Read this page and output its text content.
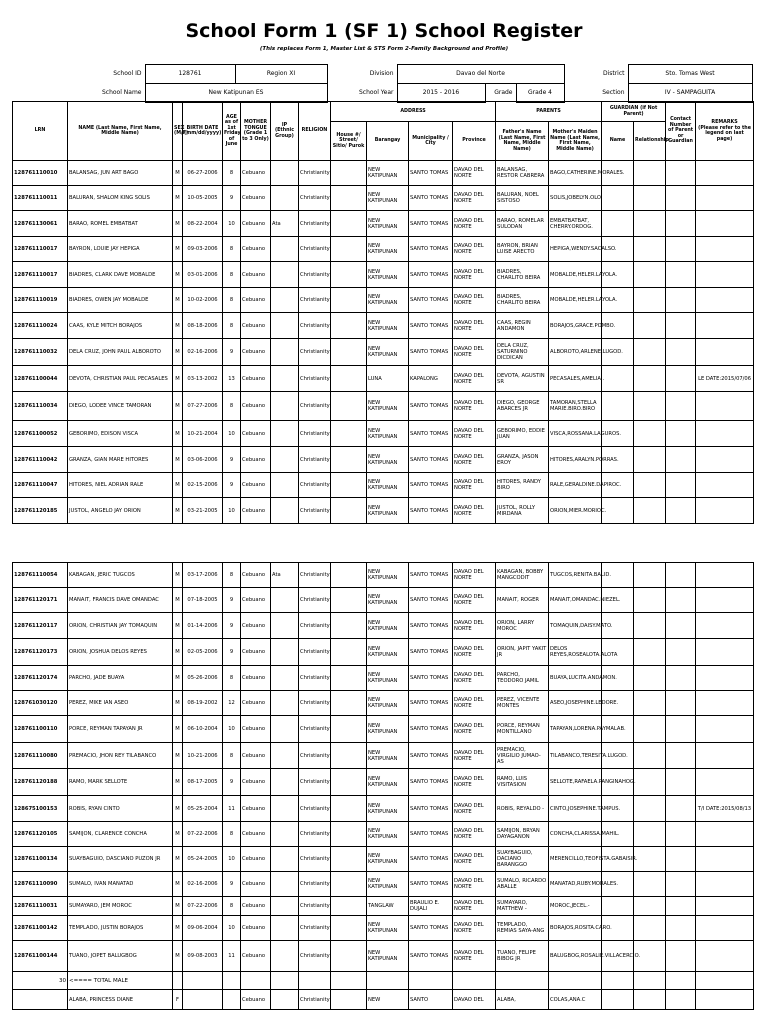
School Form 1 (SF 1) School Register
(This replaces Form 1, Master List & STS Form 2-Family Background and Profile)
School ID	128761	Region XI	Division	Davao del Norte				District	Sto. Tomas West
School Name	New Katipunan ES		School Year	2015 - 2016	Grade	Grade 4		Section	IV - SAMPAGUITA
LRN	NAME (Last Name, First Name, Middle Name)	SEX (M/F)	BIRTH DATE (mm/dd/yyyy)	AGE as of 1st Friday of June	MOTHER TONGUE (Grade 1 to 3 Only)	IP (Ethnic Group)	RELIGION	ADDRESS				PARENTS		GUARDIAN (if Not Parent)		Contact Number of Parent or Guardian	REMARKS
(Please refer to the legend on last page)

								House #/ Street/ Sitio/ Purok	Barangay	Municipality / City	Province	Father's Name (Last Name, First Name, Middle Name)	Mother's Maiden Name (Last Name, First Name, Middle Name)	Name	Relationship		
128761110010	BALANSAG, JUN ART BAGO	M	06-27-2006	8	Cebuano		Christianity		NEW KATIPUNAN	SANTO TOMAS	DAVAO DEL NORTE	BALANSAG, RESTOR CABRERA	BAGO,CATHERINE.MORALES.				
128761110011	BALURAN, SHALOM KING SOLIS	M	10-05-2005	9	Cebuano		Christianity		NEW KATIPUNAN	SANTO TOMAS	DAVAO DEL NORTE	BALURAN, NOEL SISTOSO	SOLIS,JOBELYN.OLO.				
128761130061	BARAO, ROMEL EMBATBAT	M	08-22-2004	10	Cebuano	Ata	Christianity		NEW KATIPUNAN	SANTO TOMAS	DAVAO DEL NORTE	BARAO, ROMELAR SULODAN	EMBATBATBAT, CHERRY.ORDOG.				
128761110017	BAYRON, LOUIE JAY HEPIGA	M	09-03-2006	8	Cebuano		Christianity		NEW KATIPUNAN	SANTO TOMAS	DAVAO DEL NORTE	BAYRON, BRIAN LUISE ARECTO	HEPIGA,WENDY.SACALSO.				
128761110017	BIADRES, CLARK DAVE MOBALDE	M	03-01-2006	8	Cebuano		Christianity		NEW KATIPUNAN	SANTO TOMAS	DAVAO DEL NORTE	BIADRES, CHARLITO BEIRA	MOBALDE,HELER.LAYOLA.				
128761110019	BIADRES, OWEN JAY MOBALDE	M	10-02-2006	8	Cebuano		Christianity		NEW KATIPUNAN	SANTO TOMAS	DAVAO DEL NORTE	BIADRES, CHARLITO BEIRA	MOBALDE,HELER.LAYOLA.				
128761110024	CAAS, KYLE MITCH BORAJOS	M	08-18-2006	8	Cebuano		Christianity		NEW KATIPUNAN	SANTO TOMAS	DAVAO DEL NORTE	CAAS, REGIN ANDAMON	BORAJOS,GRACE.POMBO.				
128761110032	DELA CRUZ, JOHN PAUL ALBOROTO	M	02-16-2006	9	Cebuano		Christianity		NEW KATIPUNAN	SANTO TOMAS	DAVAO DEL NORTE	DELA CRUZ, SATURNINO DICDICAN	ALBOROTO,ARLENE.LUGOD.				
128761100044	DEVOTA, CHRISTIAN PAUL PECASALES	M	03-13-2002	13	Cebuano		Christianity		LUNA	KAPALONG	DAVAO DEL NORTE	DEVOTA, AGUSTIN SR	PECASALES,AMELIA..				LE DATE:2015/07/06
128761110034	DIEGO, LODEE VINCE TAMORAN	M	07-27-2006	8	Cebuano		Christianity		NEW KATIPUNAN	SANTO TOMAS	DAVAO DEL NORTE	DIEGO, GEORGE ABARCES JR	TAMORAN,STELLA MARIE.BIRO.BIRO				
128761100052	GEBORIMO, EDISON VISCA	M	10-21-2004	10	Cebuano		Christianity		NEW KATIPUNAN	SANTO TOMAS	DAVAO DEL NORTE	GEBORIMO, EDDIE JUAN	VISCA,ROSSANA.LAGUROS.				
128761110042	GRANZA, GIAN MARE HITORES	M	03-06-2006	9	Cebuano		Christianity		NEW KATIPUNAN	SANTO TOMAS	DAVAO DEL NORTE	GRANZA, JASON EROY	HITORES,ARALYN.PORRAS.				
128761110047	HITORES, NIEL ADRIAN RALE	M	02-15-2006	9	Cebuano		Christianity		NEW KATIPUNAN	SANTO TOMAS	DAVAO DEL NORTE	HITORES, RANDY BIRO	RALE,GERALDINE.DAPIROC.				
128761120185	JUSTOL, ANGELO JAY ORION	M	03-21-2005	10	Cebuano		Christianity		NEW KATIPUNAN	SANTO TOMAS	DAVAO DEL NORTE	JUSTOL, ROLLY MIRDANA	ORION,MIER.MORIOC.				
128761110054	KABAGAN, JERIC TUGCOS	M	03-17-2006	8	Cebuano	Ata	Christianity		NEW KATIPUNAN	SANTO TOMAS	DAVAO DEL NORTE	KABAGAN, BOBBY MANGCODIT	TUGCOS,RENITA.BALID.				
128761120171	MANAIT, FRANCIS DAVE OMANDAC	M	07-18-2005	9	Cebuano		Christianity		NEW KATIPUNAN	SANTO TOMAS	DAVAO DEL NORTE	MANAIT, ROGER	MANAIT,OMANDAC.NIEZEL.				
128761120117	ORION, CHRISTIAN JAY TOMAQUIN	M	01-14-2006	9	Cebuano		Christianity		NEW KATIPUNAN	SANTO TOMAS	DAVAO DEL NORTE	ORION, LARRY MOROC	TOMAQUIN,DAISY.MATO.				
128761120173	ORION, JOSHUA DELOS REYES	M	02-05-2006	9	Cebuano		Christianity		NEW KATIPUNAN	SANTO TOMAS	DAVAO DEL NORTE	ORION, JAPIT YAKIT JR	DELOS REYES,ROSEALOTA.ALOTA				
128761120174	PARCHO, JADE BUAYA	M	05-26-2006	8	Cebuano		Christianity		NEW KATIPUNAN	SANTO TOMAS	DAVAO DEL NORTE	PARCHO, TEODORO JAMIL	BUAYA,LUCITA.ANDAMON.				
128761030120	PEREZ, MIKE IAN ASEO	M	08-19-2002	12	Cebuano		Christianity		NEW KATIPUNAN	SANTO TOMAS	DAVAO DEL NORTE	PEREZ, VICENTE MONTES	ASEO,JOSEPHINE.LEDORE.				
128761100110	PORCE, REYMAN TAPAYAN JR	M	06-10-2004	10	Cebuano		Christianity		NEW KATIPUNAN	SANTO TOMAS	DAVAO DEL NORTE	PORCE, REYMAN MONTILLANO	TAPAYAN,LORENA.PAYMALAB.				
128761110080	PREMACIO, JHON REY TILABANCO	M	10-21-2006	8	Cebuano		Christianity		NEW KATIPUNAN	SANTO TOMAS	DAVAO DEL NORTE	PREMACIO, VIRGILIO JUMAO-AS	TILABANCO,TERESITA.LUGOD.				
128761120188	RAMO, MARK SELLOTE	M	08-17-2005	9	Cebuano		Christianity		NEW KATIPUNAN	SANTO TOMAS	DAVAO DEL NORTE	RAMO, LUIS VISITASION	SELLOTE,RAFAELA.PANGINAHOG.				
128675100153	ROBIS, RYAN CINTO	M	05-25-2004	11	Cebuano		Christianity		NEW KATIPUNAN	SANTO TOMAS	DAVAO DEL NORTE	ROBIS, REYALDO -	CINTO,JOSEPHINE.TAMPUS.				T/I DATE:2015/08/13
128761120105	SAMIJON, CLARENCE CONCHA	M	07-22-2006	8	Cebuano		Christianity		NEW KATIPUNAN	SANTO TOMAS	DAVAO DEL NORTE	SAMIJON, BRYAN DAYAGANON	CONCHA,CLARISSA.MAHIL.				
128761100134	SUAYBAGUIO, DASCIANO PUZON JR	M	05-24-2005	10	Cebuano		Christianity		NEW KATIPUNAN	SANTO TOMAS	DAVAO DEL NORTE	SUAYBAGUIO, DACIANO BARANGGO	MERENCILLO,TEOFISTA.GABAISIR.				
128761110090	SUMALO, IVAN MANATAD	M	02-16-2006	9	Cebuano		Christianity		NEW KATIPUNAN	SANTO TOMAS	DAVAO DEL NORTE	SUMALO, RICARDO ABALLE	MANATAD,RUBY.MORALES.				
128761110031	SUMAYARO, JEM MOROC	M	07-22-2006	8	Cebuano		Christianity		TANGLAW	BRAULIO E. DUJALI	DAVAO DEL NORTE	SUMAYARO, MATTHEW -	MOROC,JECEL.-				
128761100142	TEMPLADO, JUSTIN BORAJOS	M	09-06-2004	10	Cebuano		Christianity		NEW KATIPUNAN	SANTO TOMAS	DAVAO DEL NORTE	TEMPLADO, REMIAS SAYA-ANG	BORAJOS,ROSITA.CARO.				
128761100144	TUANO, JOPET BALUGBOG	M	09-08-2003	11	Cebuano		Christianity		NEW KATIPUNAN	SANTO TOMAS	DAVAO DEL NORTE	TUANO, FELIPE BIBOG JR	BALUGBOG,ROSALIE.VILLACERCIO.				
30	<==== TOTAL MALE																
	ALABA, PRINCESS DIANE	F			Cebuano		Christianity		NEW	SANTO	DAVAO DEL	ALABA,	COLAS,ANA.C				
